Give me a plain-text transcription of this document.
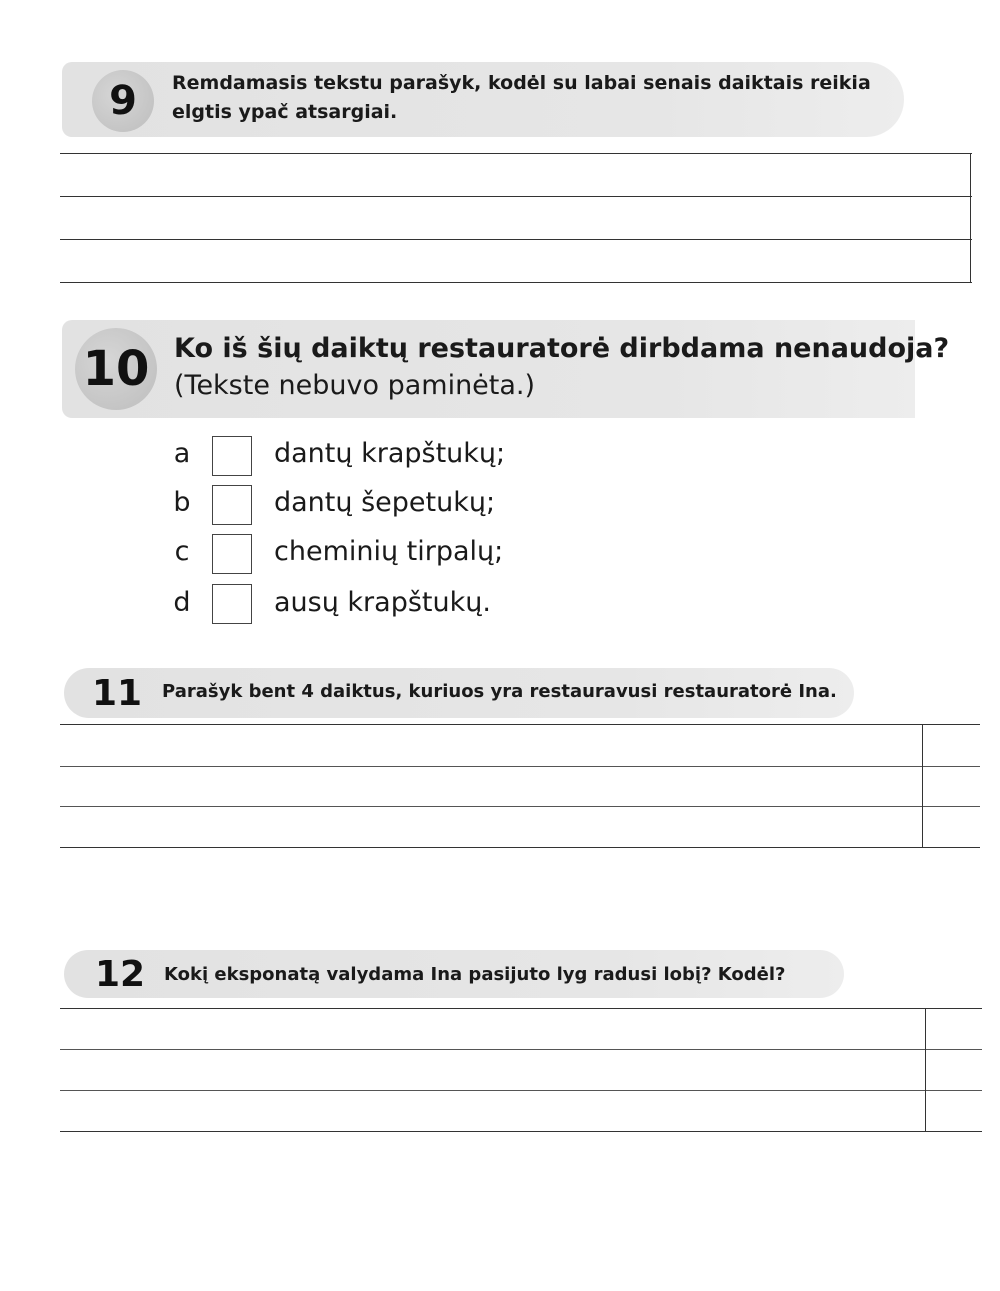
9	Remdamasis tekstu parašyk, kodėl su labai senais daiktais reikia
elgtis ypač atsargiai.
10 Ko iš šių daiktų restauratorė dirbdama nenaudoja?
(Tekste nebuvo paminėta.)
a	dantų krapštukų;
b	dantų šepetukų;
c	cheminių tirpalų;
d	ausų krapštukų.
11 Parašyk bent 4 daiktus, kuriuos yra restauravusi restauratorė Ina.
12 Kokį eksponatą valydama Ina pasijuto lyg radusi lobį? Kodėl?
